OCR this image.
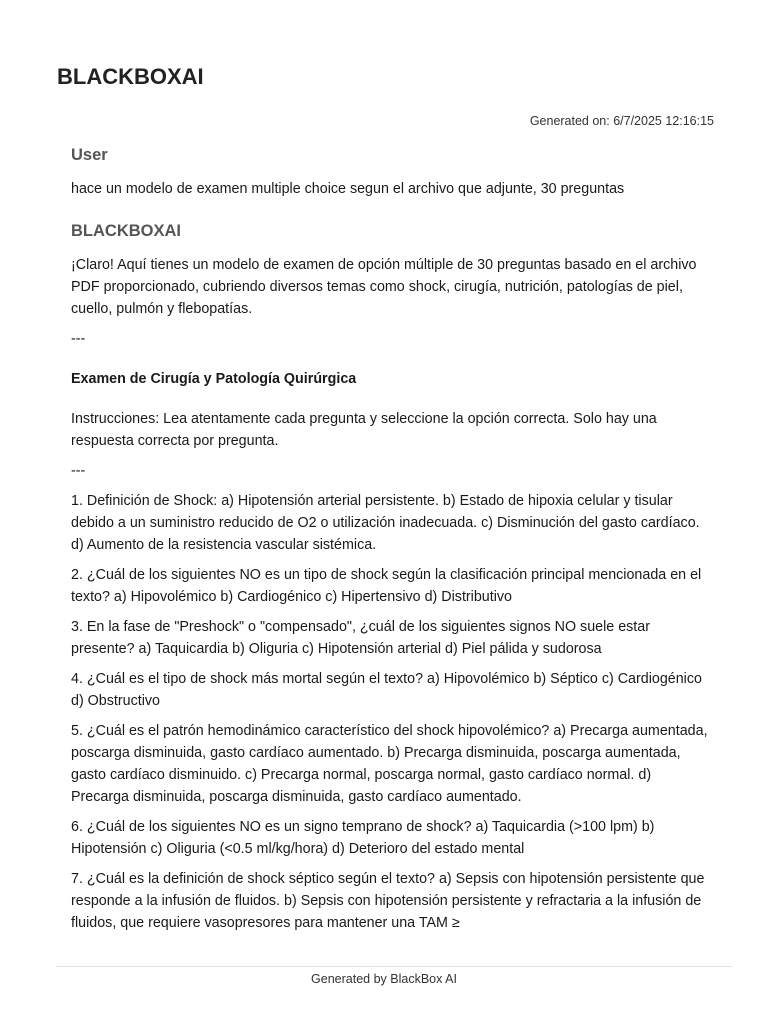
BLACKBOXAI
Generated on: 6/7/2025 12:16:15
User

hace un modelo de examen multiple choice segun el archivo que adjunte, 30 preguntas

BLACKBOXAI

¡Claro! Aquí tienes un modelo de examen de opción múltiple de 30 preguntas basado en el archivo PDF proporcionado, cubriendo diversos temas como shock, cirugía, nutrición, patologías de piel, cuello, pulmón y flebopatías.

---

Examen de Cirugía y Patología Quirúrgica

Instrucciones: Lea atentamente cada pregunta y seleccione la opción correcta. Solo hay una respuesta correcta por pregunta.

---

1. Definición de Shock: a) Hipotensión arterial persistente. b) Estado de hipoxia celular y tisular debido a un suministro reducido de O2 o utilización inadecuada. c) Disminución del gasto cardíaco. d) Aumento de la resistencia vascular sistémica.

2. ¿Cuál de los siguientes NO es un tipo de shock según la clasificación principal mencionada en el texto? a) Hipovolémico b) Cardiogénico c) Hipertensivo d) Distributivo

3. En la fase de "Preshock" o "compensado", ¿cuál de los siguientes signos NO suele estar presente? a) Taquicardia b) Oliguria c) Hipotensión arterial d) Piel pálida y sudorosa

4. ¿Cuál es el tipo de shock más mortal según el texto? a) Hipovolémico b) Séptico c) Cardiogénico d) Obstructivo

5. ¿Cuál es el patrón hemodinámico característico del shock hipovolémico? a) Precarga aumentada, poscarga disminuida, gasto cardíaco aumentado. b) Precarga disminuida, poscarga aumentada, gasto cardíaco disminuido. c) Precarga normal, poscarga normal, gasto cardíaco normal. d) Precarga disminuida, poscarga disminuida, gasto cardíaco aumentado.

6. ¿Cuál de los siguientes NO es un signo temprano de shock? a) Taquicardia (>100 lpm) b) Hipotensión c) Oliguria (<0.5 ml/kg/hora) d) Deterioro del estado mental

7. ¿Cuál es la definición de shock séptico según el texto? a) Sepsis con hipotensión persistente que responde a la infusión de fluidos. b) Sepsis con hipotensión persistente y refractaria a la infusión de fluidos, que requiere vasopresores para mantener una TAM ≥

Generated by BlackBox AI
